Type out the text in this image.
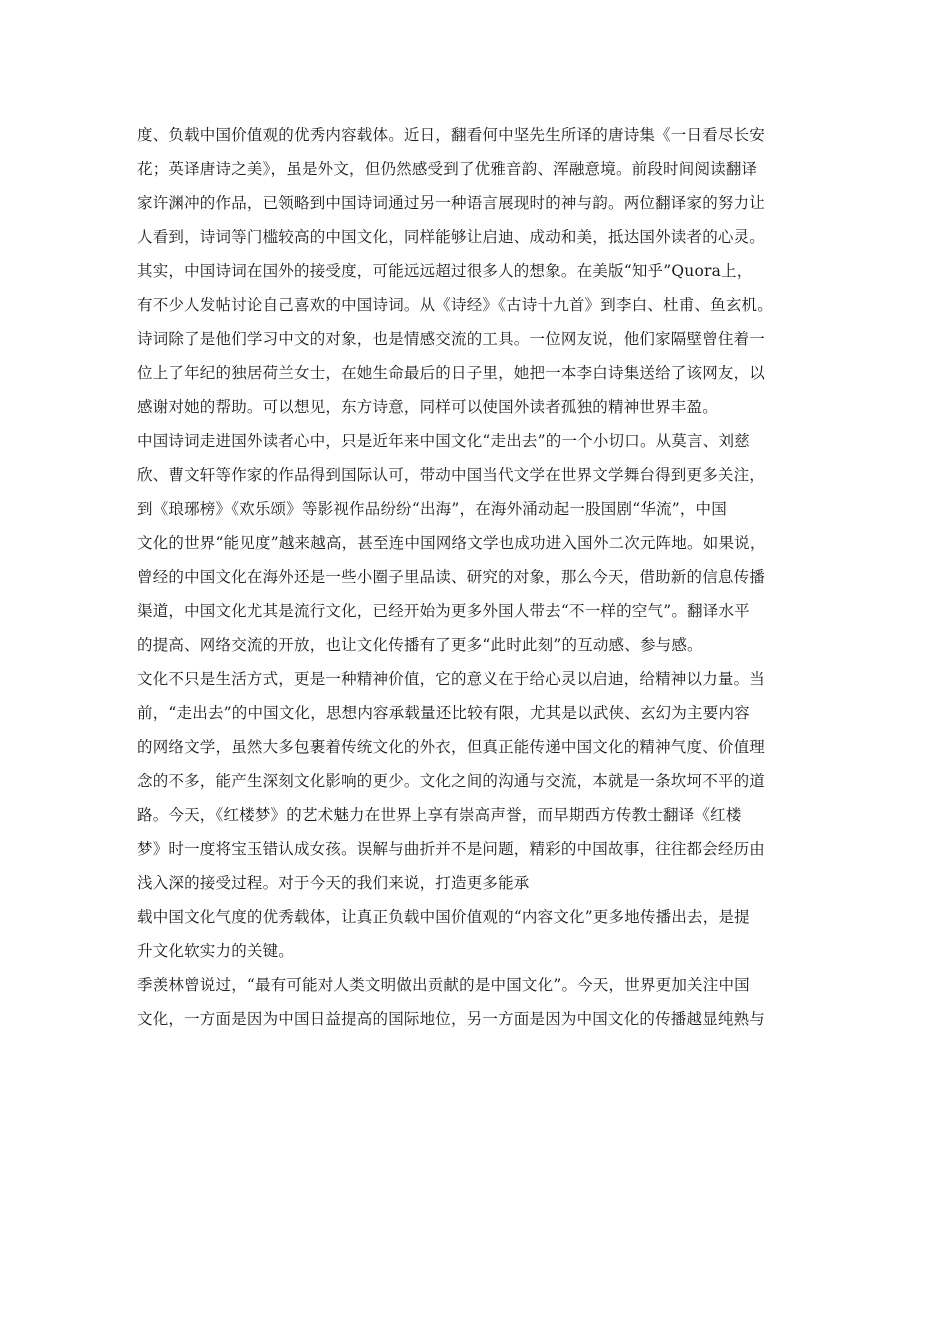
度、负载中国价值观的优秀内容载体。近日，翻看何中坚先生所译的唐诗集《一日看尽长安
花；英译唐诗之美》，虽是外文，但仍然感受到了优雅音韵、浑融意境。前段时间阅读翻译
家许渊冲的作品，已领略到中国诗词通过另一种语言展现时的神与韵。两位翻译家的努力让
人看到，诗词等门槛较高的中国文化，同样能够让启迪、成动和美，抵达国外读者的心灵。
其实，中国诗词在国外的接受度，可能远远超过很多人的想象。在美版“知乎”Quora上，
有不少人发帖讨论自己喜欢的中国诗词。从《诗经》《古诗十九首》到李白、杜甫、鱼玄机。
诗词除了是他们学习中文的对象，也是情感交流的工具。一位网友说，他们家隔壁曾住着一
位上了年纪的独居荷兰女士，在她生命最后的日子里，她把一本李白诗集送给了该网友，以
感谢对她的帮助。可以想见，东方诗意，同样可以使国外读者孤独的精神世界丰盈。
中国诗词走进国外读者心中，只是近年来中国文化“走出去”的一个小切口。从莫言、刘慈
欣、曹文轩等作家的作品得到国际认可，带动中国当代文学在世界文学舞台得到更多关注，
到《琅琊榜》《欢乐颂》等影视作品纷纷“出海”，在海外涌动起一股国剧“华流”，中国
文化的世界“能见度”越来越高，甚至连中国网络文学也成功进入国外二次元阵地。如果说，
曾经的中国文化在海外还是一些小圈子里品读、研究的对象，那么今天，借助新的信息传播
渠道，中国文化尤其是流行文化，已经开始为更多外国人带去“不一样的空气”。翻译水平
的提高、网络交流的开放，也让文化传播有了更多“此时此刻”的互动感、参与感。
文化不只是生活方式，更是一种精神价值，它的意义在于给心灵以启迪，给精神以力量。当
前，“走出去”的中国文化，思想内容承载量还比较有限，尤其是以武侠、玄幻为主要内容
的网络文学，虽然大多包裹着传统文化的外衣，但真正能传递中国文化的精神气度、价值理
念的不多，能产生深刻文化影响的更少。文化之间的沟通与交流，本就是一条坎坷不平的道
路。今天，《红楼梦》的艺术魅力在世界上享有崇高声誉，而早期西方传教士翻译《红楼
梦》时一度将宝玉错认成女孩。误解与曲折并不是问题，精彩的中国故事，往往都会经历由
浅入深的接受过程。对于今天的我们来说，打造更多能承
载中国文化气度的优秀载体，让真正负载中国价值观的“内容文化”更多地传播出去，是提
升文化软实力的关键。
季羡林曾说过，“最有可能对人类文明做出贡献的是中国文化”。今天，世界更加关注中国
文化，一方面是因为中国日益提高的国际地位，另一方面是因为中国文化的传播越显纯熟与
